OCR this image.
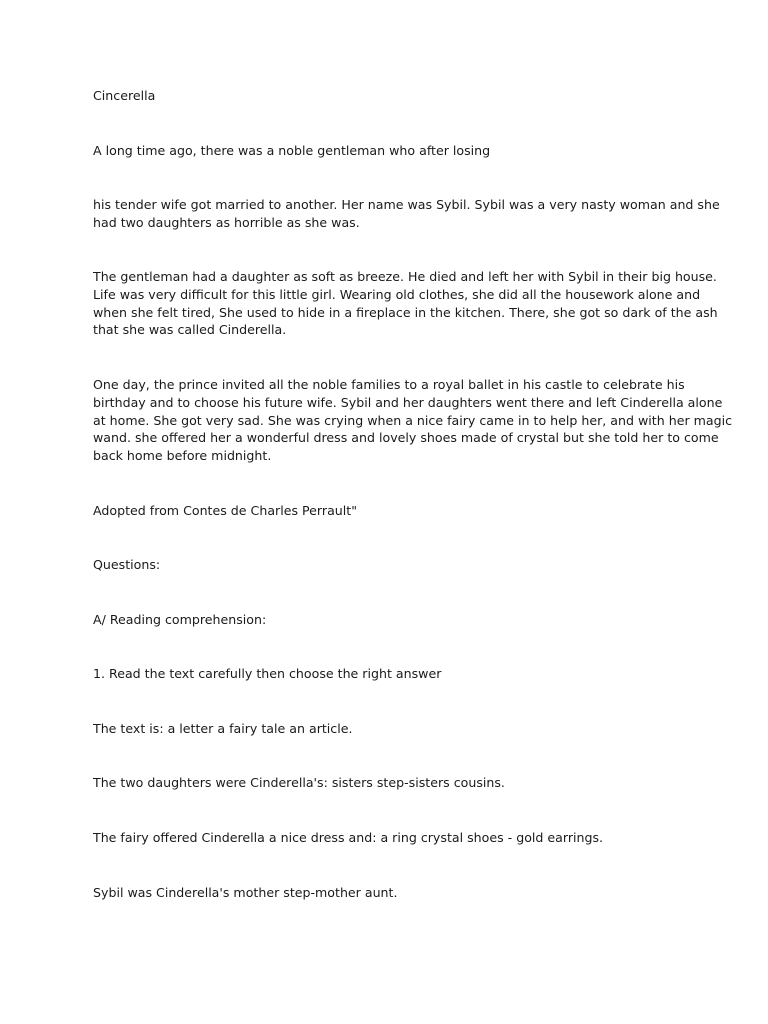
Cincerella

A long time ago, there was a noble gentleman who after losing

his tender wife got married to another. Her name was Sybil. Sybil was a very nasty woman and she
had two daughters as horrible as she was.

The gentleman had a daughter as soft as breeze. He died and left her with Sybil in their big house.
Life was very difficult for this little girl. Wearing old clothes, she did all the housework alone and
when she felt tired, She used to hide in a fireplace in the kitchen. There, she got so dark of the ash
that she was called Cinderella.

One day, the prince invited all the noble families to a royal ballet in his castle to celebrate his
birthday and to choose his future wife. Sybil and her daughters went there and left Cinderella alone
at home. She got very sad. She was crying when a nice fairy came in to help her, and with her magic
wand. she offered her a wonderful dress and lovely shoes made of crystal but she told her to come
back home before midnight.

Adopted from Contes de Charles Perrault"

Questions:

A/ Reading comprehension:

1. Read the text carefully then choose the right answer

The text is: a letter a fairy tale an article.

The two daughters were Cinderella's: sisters step-sisters cousins.

The fairy offered Cinderella a nice dress and: a ring crystal shoes - gold earrings.

Sybil was Cinderella's mother step-mother aunt.
